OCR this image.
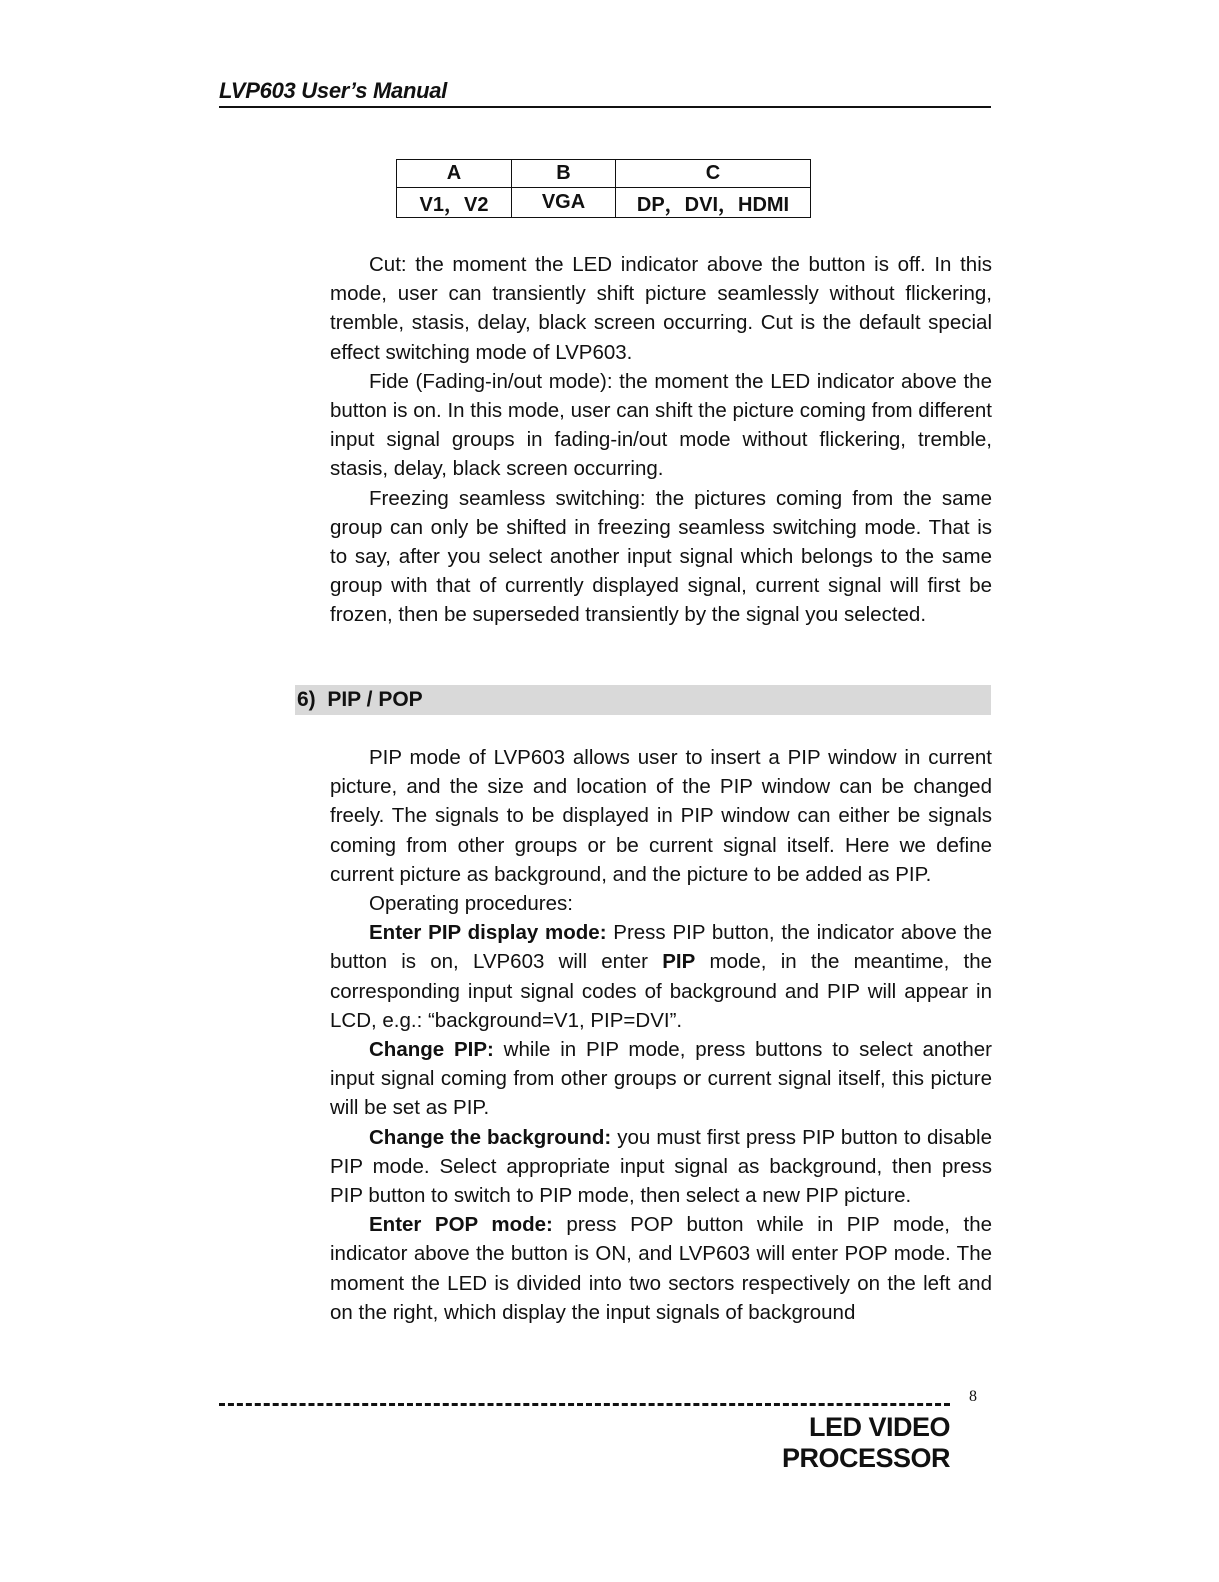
LVP603 User’s Manual
A	B	C
V1，V2	VGA	DP，DVI，HDMI

Cut: the moment the LED indicator above the button is off. In this mode, user can transiently shift picture seamlessly without flickering, tremble, stasis, delay, black screen occurring. Cut is the default special effect switching mode of LVP603.

Fide (Fading-in/out mode): the moment the LED indicator above the button is on. In this mode, user can shift the picture coming from different input signal groups in fading-in/out mode without flickering, tremble, stasis, delay, black screen occurring.

Freezing seamless switching: the pictures coming from the same group can only be shifted in freezing seamless switching mode. That is to say, after you select another input signal which belongs to the same group with that of currently displayed signal, current signal will first be frozen, then be superseded transiently by the signal you selected.

6)  PIP / POP

PIP mode of LVP603 allows user to insert a PIP window in current picture, and the size and location of the PIP window can be changed freely. The signals to be displayed in PIP window can either be signals coming from other groups or be current signal itself. Here we define current picture as background, and the picture to be added as PIP.

Operating procedures:

Enter PIP display mode: Press PIP button, the indicator above the button is on, LVP603 will enter PIP mode, in the meantime, the corresponding input signal codes of background and PIP will appear in LCD, e.g.: “background=V1, PIP=DVI”.

Change PIP: while in PIP mode, press buttons to select another input signal coming from other groups or current signal itself, this picture will be set as PIP.

Change the background: you must first press PIP button to disable PIP mode. Select appropriate input signal as background, then press PIP button to switch to PIP mode, then select a new PIP picture.

Enter POP mode: press POP button while in PIP mode, the indicator above the button is ON, and LVP603 will enter POP mode. The moment the LED is divided into two sectors respectively on the left and on the right, which display the input signals of background

8
LED VIDEO PROCESSOR
